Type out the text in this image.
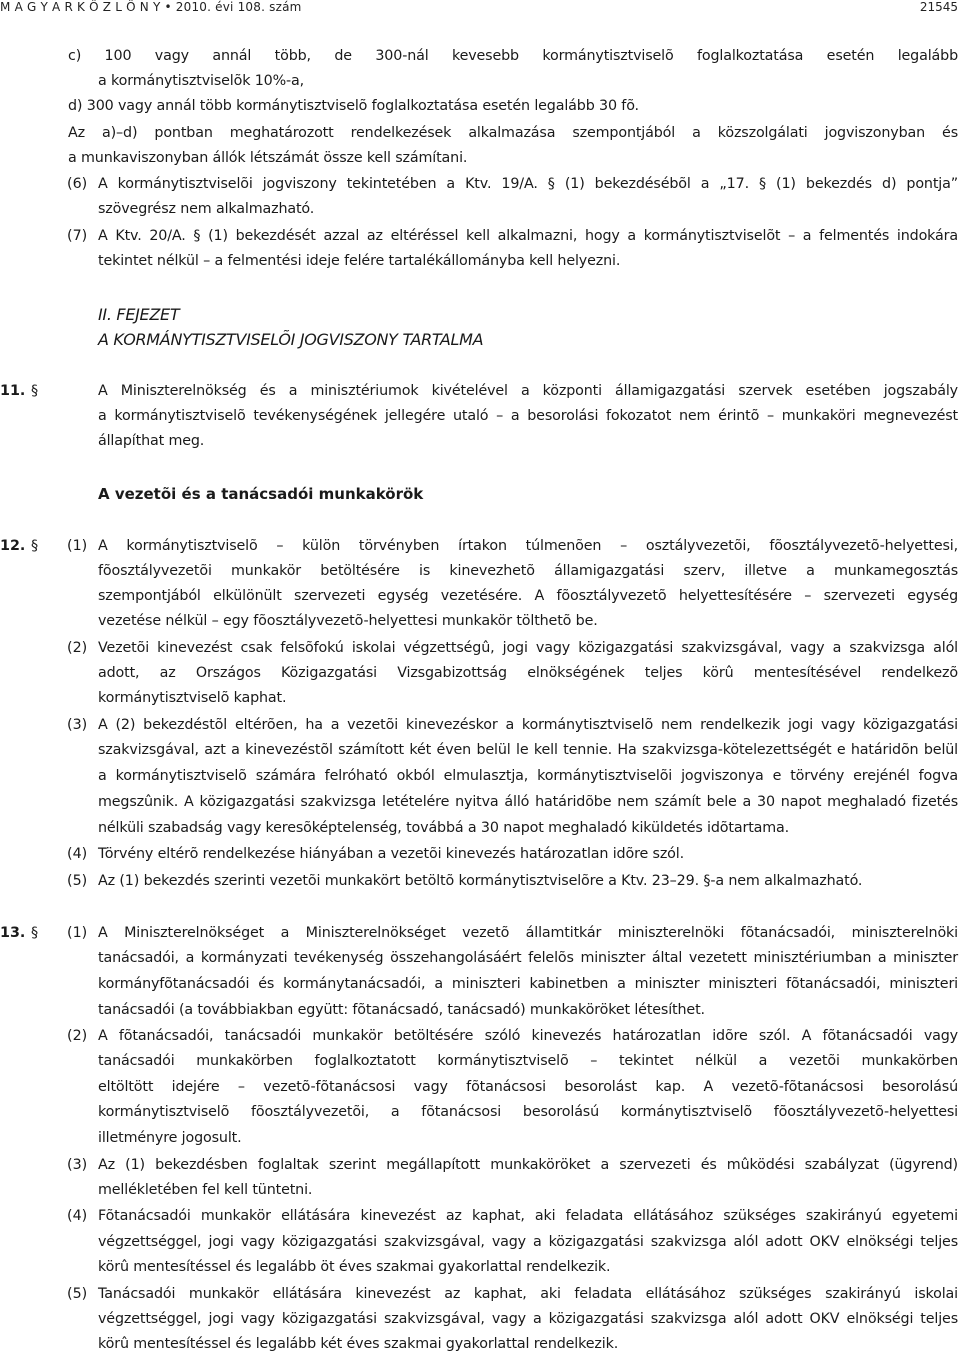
M A G Y A R K Ö Z L Ö N Y • 2010. évi 108. szám	21545
c) 100 vagy annál több, de 300-nál kevesebb kormánytisztviselõ foglalkoztatása esetén legalább
a kormánytisztviselõk 10%-a,
d) 300 vagy annál több kormánytisztviselõ foglalkoztatása esetén legalább 30 fõ.
Az a)–d) pontban meghatározott rendelkezések alkalmazása szempontjából a közszolgálati jogviszonyban és
a munkaviszonyban állók létszámát össze kell számítani.
(6) A kormánytisztviselõi jogviszony tekintetében a Ktv. 19/A. § (1) bekezdésébõl a „17. § (1) bekezdés d) pontja”
szövegrész nem alkalmazható.
(7) A Ktv. 20/A. § (1) bekezdését azzal az eltéréssel kell alkalmazni, hogy a kormánytisztviselõt – a felmentés indokára
tekintet nélkül – a felmentési ideje felére tartalékállományba kell helyezni.
II. FEJEZET
A KORMÁNYTISZTVISELÕI JOGVISZONY TARTALMA
11. §	A Miniszterelnökség és a minisztériumok kivételével a központi államigazgatási szervek esetében jogszabály
a kormánytisztviselõ tevékenységének jellegére utaló – a besorolási fokozatot nem érintõ – munkaköri megnevezést
állapíthat meg.
A vezetõi és a tanácsadói munkakörök
12. § (1) A kormánytisztviselõ – külön törvényben írtakon túlmenõen – osztályvezetõi, fõosztályvezetõ-helyettesi,
fõosztályvezetõi munkakör betöltésére is kinevezhetõ államigazgatási szerv, illetve a munkamegosztás
szempontjából elkülönült szervezeti egység vezetésére. A fõosztályvezetõ helyettesítésére – szervezeti egység
vezetése nélkül – egy fõosztályvezetõ-helyettesi munkakör tölthetõ be.
(2) Vezetõi kinevezést csak felsõfokú iskolai végzettségû, jogi vagy közigazgatási szakvizsgával, vagy a szakvizsga alól
adott, az Országos Közigazgatási Vizsgabizottság elnökségének teljes körû mentesítésével rendelkezõ
kormánytisztviselõ kaphat.
(3) A (2) bekezdéstõl eltérõen, ha a vezetõi kinevezéskor a kormánytisztviselõ nem rendelkezik jogi vagy közigazgatási
szakvizsgával, azt a kinevezéstõl számított két éven belül le kell tennie. Ha szakvizsga-kötelezettségét e határidõn belül
a kormánytisztviselõ számára felróható okból elmulasztja, kormánytisztviselõi jogviszonya e törvény erejénél fogva
megszûnik. A közigazgatási szakvizsga letételére nyitva álló határidõbe nem számít bele a 30 napot meghaladó fizetés
nélküli szabadság vagy keresõképtelenség, továbbá a 30 napot meghaladó kiküldetés idõtartama.
(4) Törvény eltérõ rendelkezése hiányában a vezetõi kinevezés határozatlan idõre szól.
(5) Az (1) bekezdés szerinti vezetõi munkakört betöltõ kormánytisztviselõre a Ktv. 23–29. §-a nem alkalmazható.
13. § (1) A Miniszterelnökséget a Miniszterelnökséget vezetõ államtitkár miniszterelnöki fõtanácsadói, miniszterelnöki
tanácsadói, a kormányzati tevékenység összehangolásáért felelõs miniszter által vezetett minisztériumban a miniszter
kormányfõtanácsadói és kormánytanácsadói, a miniszteri kabinetben a miniszter miniszteri fõtanácsadói, miniszteri
tanácsadói (a továbbiakban együtt: fõtanácsadó, tanácsadó) munkaköröket létesíthet.
(2) A fõtanácsadói, tanácsadói munkakör betöltésére szóló kinevezés határozatlan idõre szól. A fõtanácsadói vagy
tanácsadói munkakörben foglalkoztatott kormánytisztviselõ – tekintet nélkül a vezetõi munkakörben
eltöltött idejére – vezetõ-fõtanácsosi vagy fõtanácsosi besorolást kap. A vezetõ-fõtanácsosi besorolású
kormánytisztviselõ fõosztályvezetõi, a fõtanácsosi besorolású kormánytisztviselõ fõosztályvezetõ-helyettesi
illetményre jogosult.
(3) Az (1) bekezdésben foglaltak szerint megállapított munkaköröket a szervezeti és mûködési szabályzat (ügyrend)
mellékletében fel kell tüntetni.
(4) Fõtanácsadói munkakör ellátására kinevezést az kaphat, aki feladata ellátásához szükséges szakirányú egyetemi
végzettséggel, jogi vagy közigazgatási szakvizsgával, vagy a közigazgatási szakvizsga alól adott OKV elnökségi teljes
körû mentesítéssel és legalább öt éves szakmai gyakorlattal rendelkezik.
(5) Tanácsadói munkakör ellátására kinevezést az kaphat, aki feladata ellátásához szükséges szakirányú iskolai
végzettséggel, jogi vagy közigazgatási szakvizsgával, vagy a közigazgatási szakvizsga alól adott OKV elnökségi teljes
körû mentesítéssel és legalább két éves szakmai gyakorlattal rendelkezik.
